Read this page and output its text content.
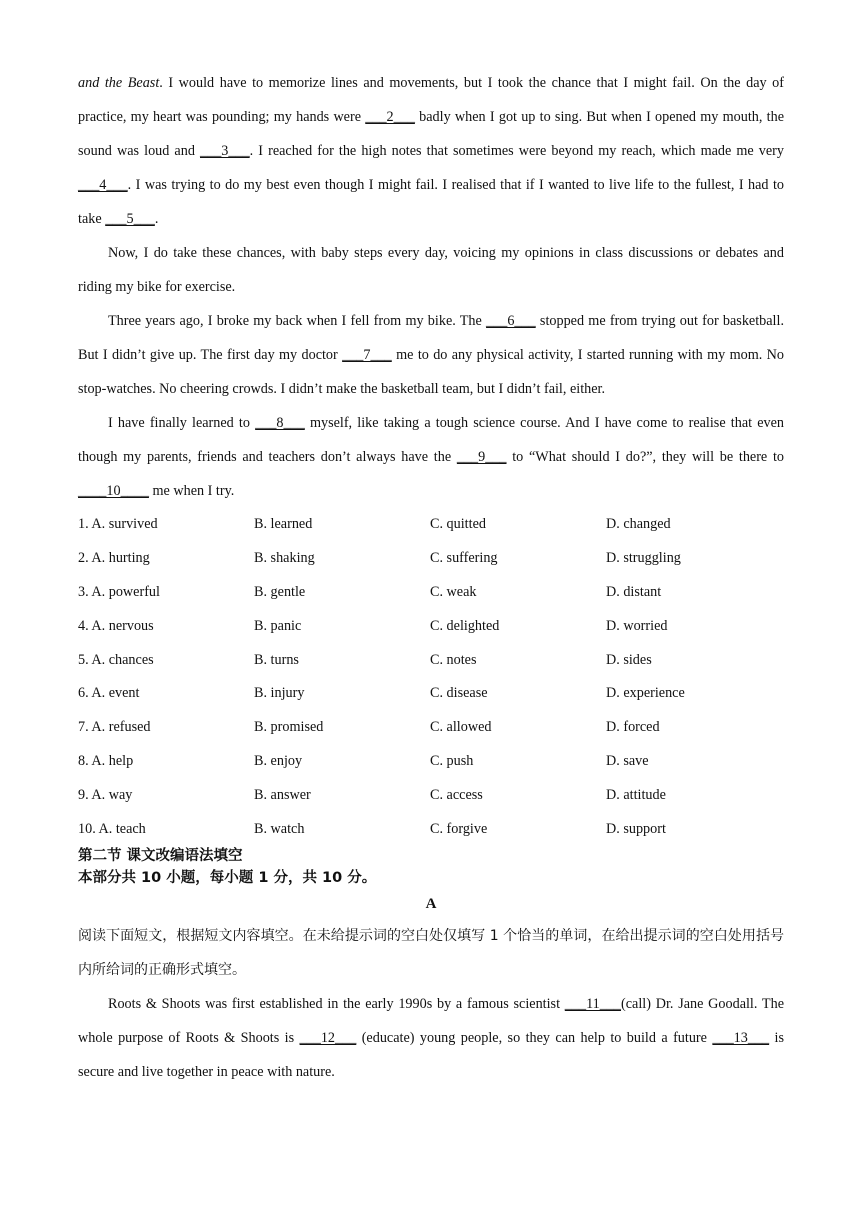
and the Beast. I would have to memorize lines and movements, but I took the chance that I might fail. On the day of practice, my heart was pounding; my hands were ___2___ badly when I got up to sing. But when I opened my mouth, the sound was loud and ___3___. I reached for the high notes that sometimes were beyond my reach, which made me very ___4___. I was trying to do my best even though I might fail. I realised that if I wanted to live life to the fullest, I had to take ___5___.

Now, I do take these chances, with baby steps every day, voicing my opinions in class discussions or debates and riding my bike for exercise.

Three years ago, I broke my back when I fell from my bike. The ___6___ stopped me from trying out for basketball. But I didn’t give up. The first day my doctor ___7___ me to do any physical activity, I started running with my mom. No stop-watches. No cheering crowds. I didn’t make the basketball team, but I didn’t fail, either.

I have finally learned to ___8___ myself, like taking a tough science course. And I have come to realise that even though my parents, friends and teachers don’t always have the ___9___ to “What should I do?”, they will be there to ____10____ me when I try.

1. A. survived	B. learned	C. quitted	D. changed
2. A. hurting	B. shaking	C. suffering	D. struggling
3. A. powerful	B. gentle	C. weak	D. distant
4. A. nervous	B. panic	C. delighted	D. worried
5. A. chances	B. turns	C. notes	D. sides
6. A. event	B. injury	C. disease	D. experience
7. A. refused	B. promised	C. allowed	D. forced
8. A. help	B. enjoy	C. push	D. save
9. A. way	B. answer	C. access	D. attitude
10. A. teach	B. watch	C. forgive	D. support

第二节 课文改编语法填空

本部分共 10 小题，每小题 1 分，共 10 分。

A

阅读下面短文，根据短文内容填空。在未给提示词的空白处仅填写 1 个恰当的单词，在给出提示词的空白处用括号内所给词的正确形式填空。

Roots & Shoots was first established in the early 1990s by a famous scientist ___11___(call) Dr. Jane Goodall. The whole purpose of Roots & Shoots is ___12___ (educate) young people, so they can help to build a future ___13___ is secure and live together in peace with nature.
